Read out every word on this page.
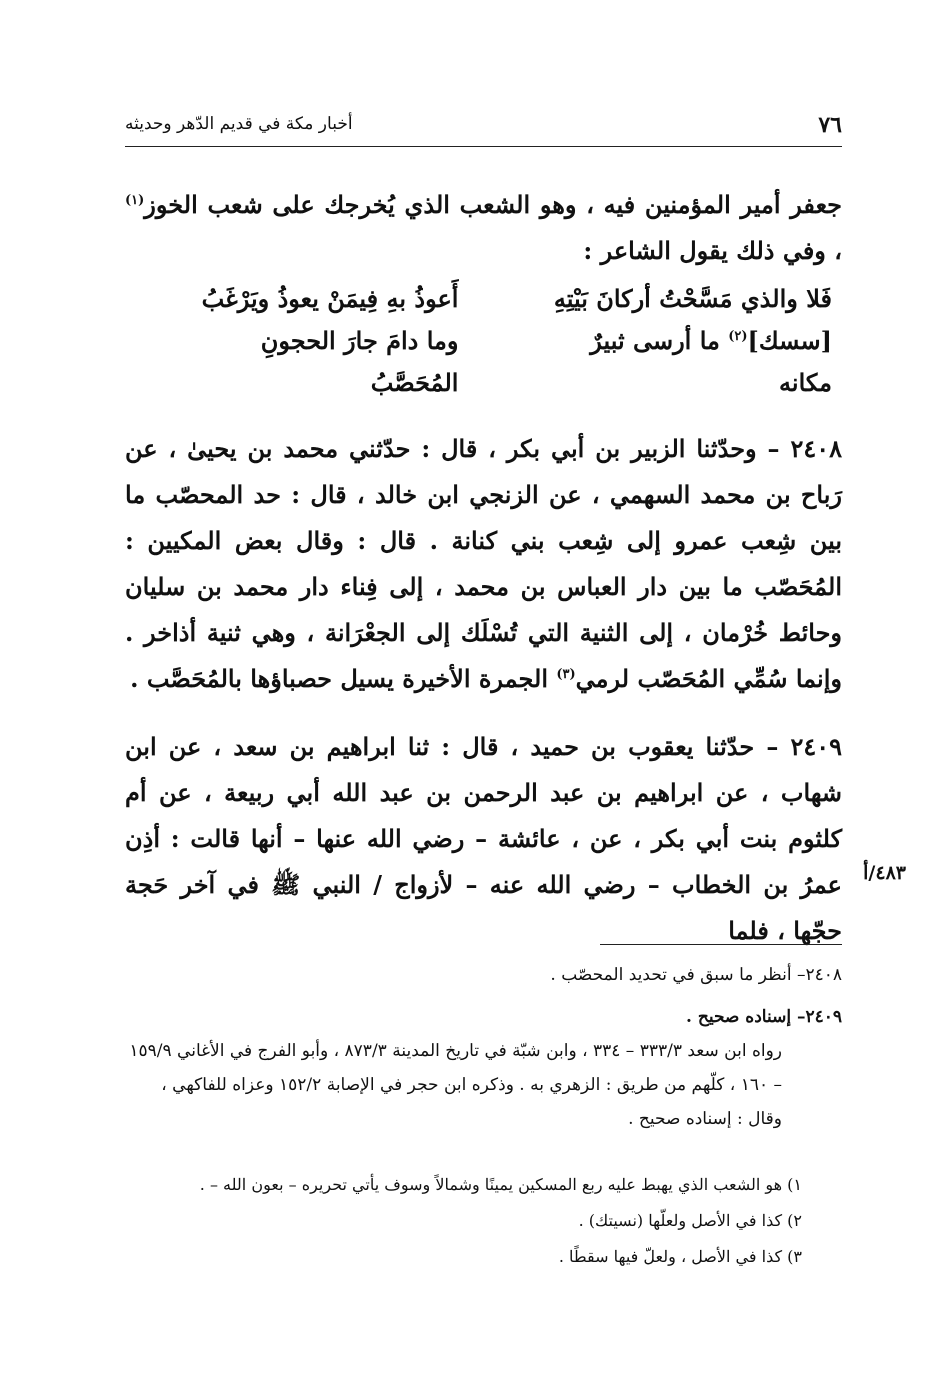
٧٦
أخبار مكة في قديم الدّهر وحديثه

جعفر أمير المؤمنين فيه ، وهو الشعب الذي يُخرجك على شعب الخوز$^{(١)}$ ، وفي ذلك يقول الشاعر :

فَلا والذي مَسَّحْتُ أركانَ بَيْتِهِ
أَعوذُ بهِ فِيمَنْ يعوذُ ويَرْغَبُ
[سسك]$^{(٢)}$ ما أرسى ثبيرٌ مكانه
وما دامَ جارَ الحجونِ المُحَصَّبُ

٢٤٠٨ – وحدّثنا الزبير بن أبي بكر ، قال : حدّثني محمد بن يحيىٰ ، عن رَباح بن محمد السهمي ، عن الزنجي ابن خالد ، قال : حد المحصّب ما بين شِعب عمرو إلى شِعب بني كنانة . قال : وقال بعض المكيين : المُحَصّب ما بين دار العباس بن محمد ، إلى فِناء دار محمد بن سليان وحائط خُرْمان ، إلى الثنية التي تُسْلَك إلى الجعْرَانة ، وهي ثنية أذاخر . وإنما سُمِّي المُحَصّب لرمي$^{(٣)}$ الجمرة الأخيرة يسيل حصباؤها بالمُحَصَّب .

٢٤٠٩ – حدّثنا يعقوب بن حميد ، قال : ثنا ابراهيم بن سعد ، عن ابن شهاب ، عن ابراهيم بن عبد الرحمن بن عبد الله أبي ربيعة ، عن أم كلثوم بنت أبي بكر ، عن ، عائشة – رضي الله عنها – أنها قالت : أذِن عمرُ بن الخطاب – رضي الله عنه – لأزواج / النبي ﷺ في آخر حَجة حجّها ، فلما

٤٨٣/أ

٢٤٠٨– أنظر ما سبق في تحديد المحصّب .

٢٤٠٩– إسناده صحيح .

رواه ابن سعد ٣٣٣/٣ – ٣٣٤ ، وابن شبّة في تاريخ المدينة ٨٧٣/٣ ، وأبو الفرج في الأغاني ١٥٩/٩ – ١٦٠ ، كلّهم من طريق : الزهري به . وذكره ابن حجر في الإصابة ١٥٢/٢ وعزاه للفاكهي ، وقال : إسناده صحيح .

١) هو الشعب الذي يهبط عليه ربع المسكين يمينًا وشمالاً وسوف يأتي تحريره – بعون الله – .

٢) كذا في الأصل ولعلّها (نسيتك) .

٣) كذا في الأصل ، ولعلّ فيها سقطًا .
